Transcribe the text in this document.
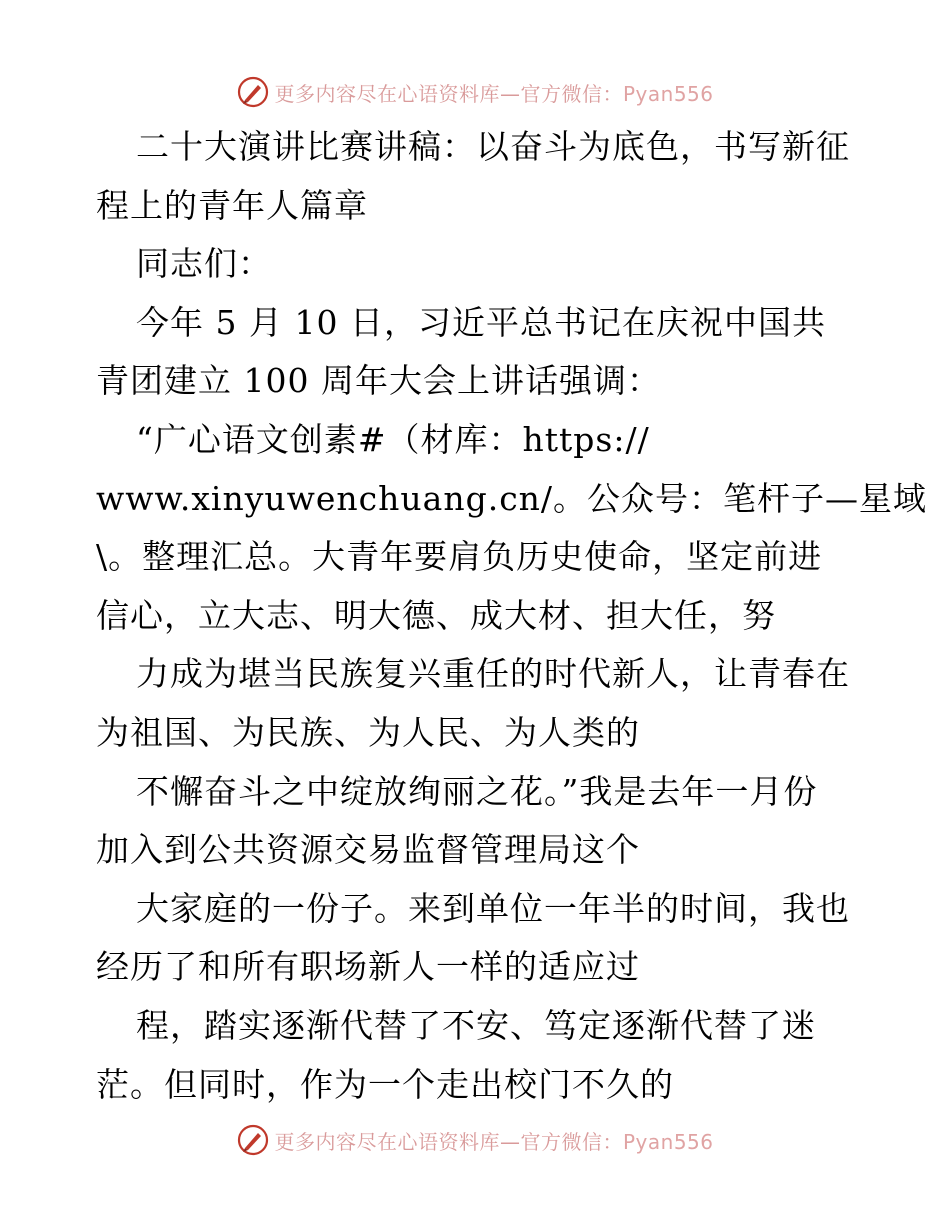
更多内容尽在心语资料库—官方微信：Pyan556
二十大演讲比赛讲稿：以奋斗为底色，书写新征
程上的青年人篇章
同志们：
今年 5 月 10 日，习近平总书记在庆祝中国共
青团建立 100 周年大会上讲话强调：
“广心语文创素#（材库：https://
www.xinyuwenchuang.cn/。公众号：笔杆子—星域
\。整理汇总。大青年要肩负历史使命，坚定前进
信心，立大志、明大德、成大材、担大任，努
力成为堪当民族复兴重任的时代新人，让青春在
为祖国、为民族、为人民、为人类的
不懈奋斗之中绽放绚丽之花。”我是去年一月份
加入到公共资源交易监督管理局这个
大家庭的一份子。来到单位一年半的时间，我也
经历了和所有职场新人一样的适应过
程，踏实逐渐代替了不安、笃定逐渐代替了迷
茫。但同时，作为一个走出校门不久的
更多内容尽在心语资料库—官方微信：Pyan556
